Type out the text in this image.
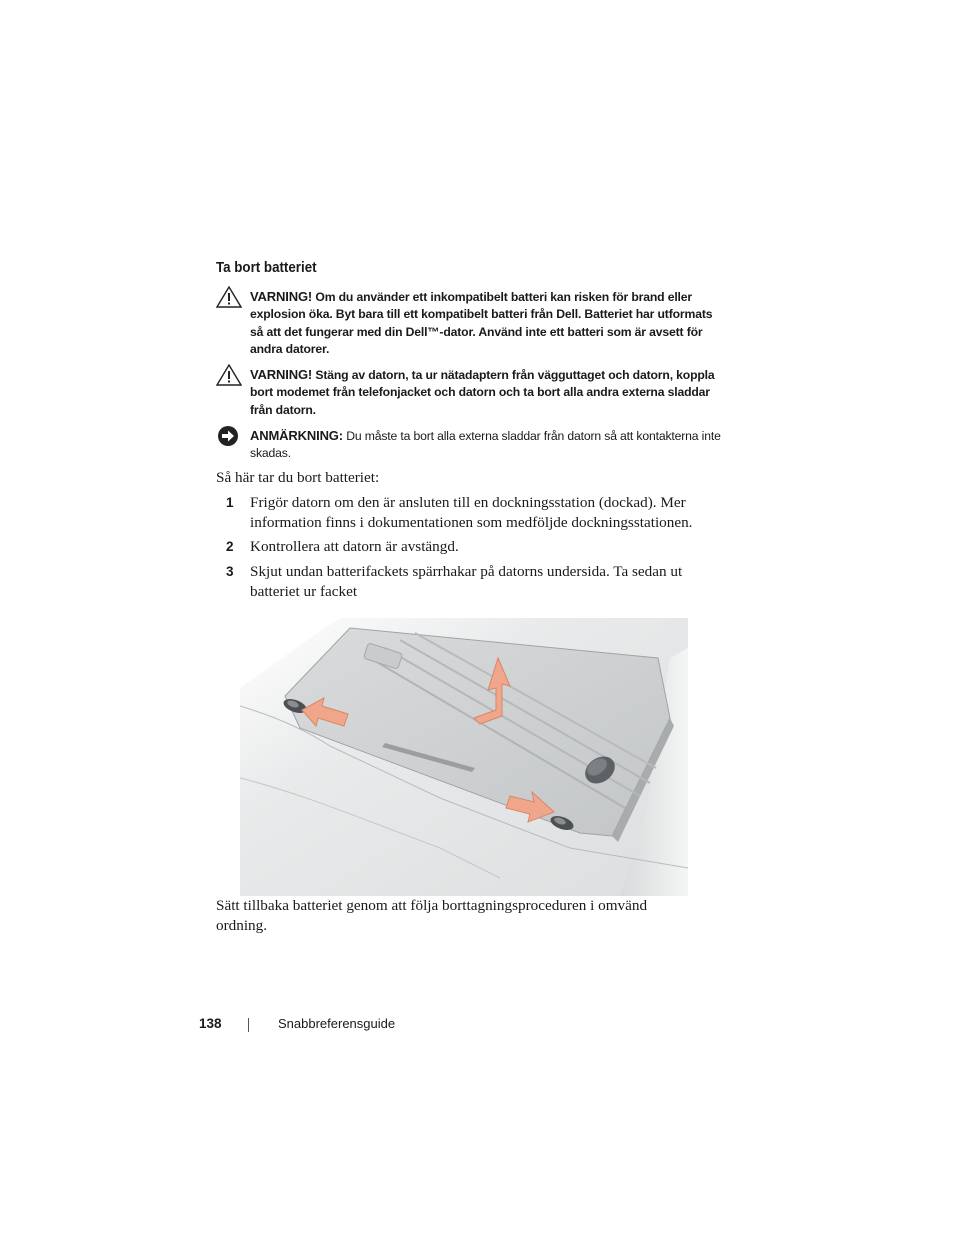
Ta bort batteriet
VARNING! Om du använder ett inkompatibelt batteri kan risken för brand eller explosion öka. Byt bara till ett kompatibelt batteri från Dell. Batteriet har utformats så att det fungerar med din Dell™-dator. Använd inte ett batteri som är avsett för andra datorer.
VARNING! Stäng av datorn, ta ur nätadaptern från vägguttaget och datorn, koppla bort modemet från telefonjacket och datorn och ta bort alla andra externa sladdar från datorn.
ANMÄRKNING: Du måste ta bort alla externa sladdar från datorn så att kontakterna inte skadas.
Så här tar du bort batteriet:
1 Frigör datorn om den är ansluten till en dockningsstation (dockad). Mer information finns i dokumentationen som medföljde dockningsstationen.
2 Kontrollera att datorn är avstängd.
3 Skjut undan batterifackets spärrhakar på datorns undersida. Ta sedan ut batteriet ur facket
Sätt tillbaka batteriet genom att följa borttagningsproceduren i omvänd ordning.
138	Snabbreferensguide
